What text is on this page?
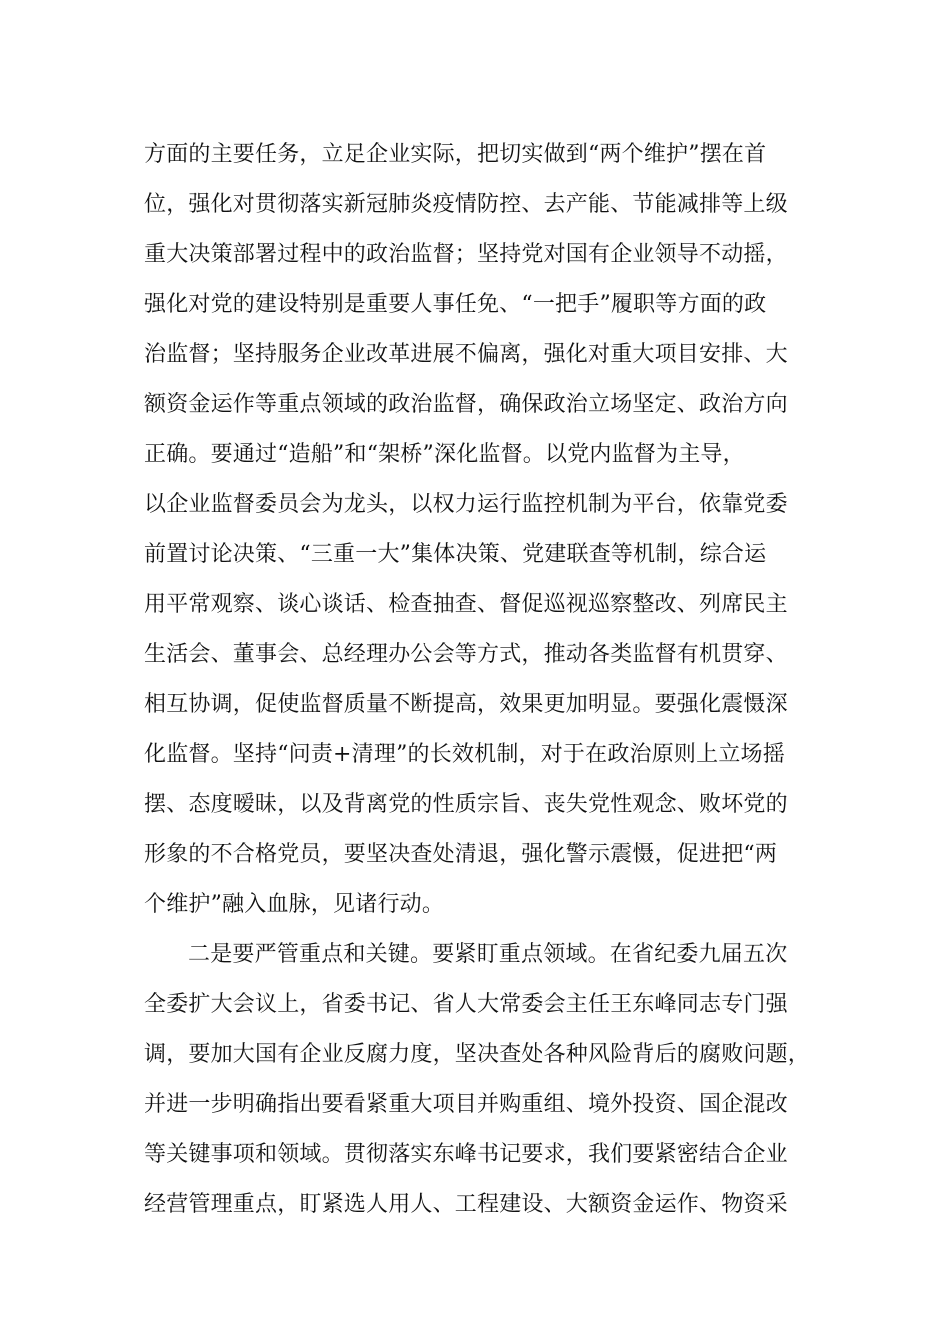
方面的主要任务，立足企业实际，把切实做到“两个维护”摆在首
位，强化对贯彻落实新冠肺炎疫情防控、去产能、节能减排等上级
重大决策部署过程中的政治监督；坚持党对国有企业领导不动摇，
强化对党的建设特别是重要人事任免、“一把手”履职等方面的政
治监督；坚持服务企业改革进展不偏离，强化对重大项目安排、大
额资金运作等重点领域的政治监督，确保政治立场坚定、政治方向
正确。要通过“造船”和“架桥”深化监督。以党内监督为主导，
以企业监督委员会为龙头，以权力运行监控机制为平台，依靠党委
前置讨论决策、“三重一大”集体决策、党建联查等机制，综合运
用平常观察、谈心谈话、检查抽查、督促巡视巡察整改、列席民主
生活会、董事会、总经理办公会等方式，推动各类监督有机贯穿、
相互协调，促使监督质量不断提高，效果更加明显。要强化震慑深
化监督。坚持“问责+清理”的长效机制，对于在政治原则上立场摇
摆、态度暧昧，以及背离党的性质宗旨、丧失党性观念、败坏党的
形象的不合格党员，要坚决查处清退，强化警示震慑，促进把“两
个维护”融入血脉，见诸行动。
二是要严管重点和关键。要紧盯重点领域。在省纪委九届五次
全委扩大会议上，省委书记、省人大常委会主任王东峰同志专门强
调，要加大国有企业反腐力度，坚决查处各种风险背后的腐败问题，
并进一步明确指出要看紧重大项目并购重组、境外投资、国企混改
等关键事项和领域。贯彻落实东峰书记要求，我们要紧密结合企业
经营管理重点，盯紧选人用人、工程建设、大额资金运作、物资采
